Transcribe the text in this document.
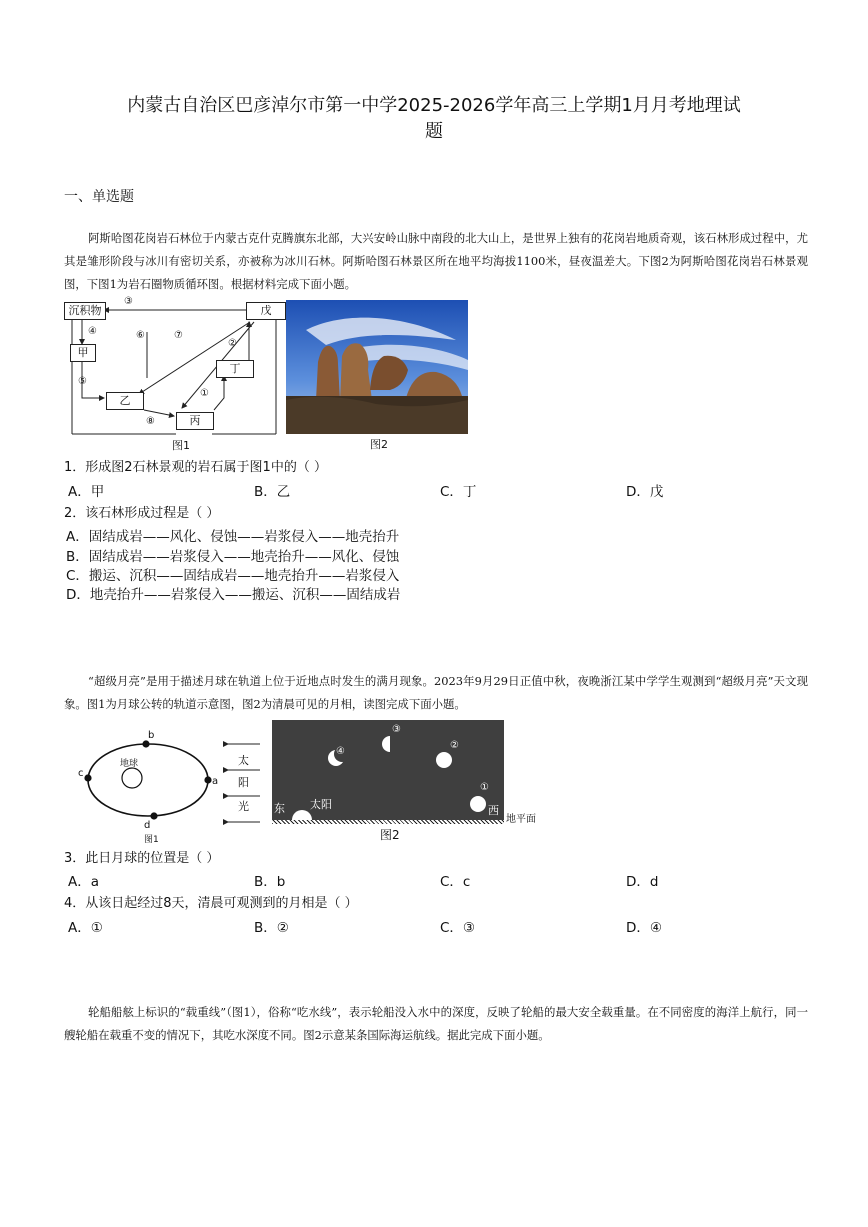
内蒙古自治区巴彦淖尔市第一中学2025-2026学年高三上学期1月月考地理试
题
一、单选题
阿斯哈图花岗岩石林位于内蒙古克什克腾旗东北部，大兴安岭山脉中南段的北大山上，是世界上独有的花岗岩地质奇观，该石林形成过程中，尤其是雏形阶段与冰川有密切关系，亦被称为冰川石林。阿斯哈图石林景区所在地平均海拔1100米，昼夜温差大。下图2为阿斯哈图花岗岩石林景观图，下图1为岩石圈物质循环图。根据材料完成下面小题。
沉积物
甲
乙
丙
丁
戊
③
④
⑤
⑥	⑦
⑧
①
②
图1	图2
1．形成图2石林景观的岩石属于图1中的（ ）
A．甲	B．乙	C．丁	D．戊
2．该石林形成过程是（ ）
A．固结成岩——风化、侵蚀——岩浆侵入——地壳抬升
B．固结成岩——岩浆侵入——地壳抬升——风化、侵蚀
C．搬运、沉积——固结成岩——地壳抬升——岩浆侵入
D．地壳抬升——岩浆侵入——搬运、沉积——固结成岩
“超级月亮”是用于描述月球在轨道上位于近地点时发生的满月现象。2023年9月29日正值中秋，夜晚浙江某中学学生观测到“超级月亮”天文现象。图1为月球公转的轨道示意图，图2为清晨可见的月相，读图完成下面小题。
地球
a
b
c
d
太
阳
光
图1
④
③
②
①
东 太阳	西
地平面
图2
3．此日月球的位置是（ ）
A．a	B．b	C．c	D．d
4．从该日起经过8天，清晨可观测到的月相是（ ）
A．①	B．②	C．③	D．④
轮船船舷上标识的“载重线”（图1），俗称“吃水线”，表示轮船没入水中的深度，反映了轮船的最大安全载重量。在不同密度的海洋上航行，同一艘轮船在载重不变的情况下，其吃水深度不同。图2示意某条国际海运航线。据此完成下面小题。
